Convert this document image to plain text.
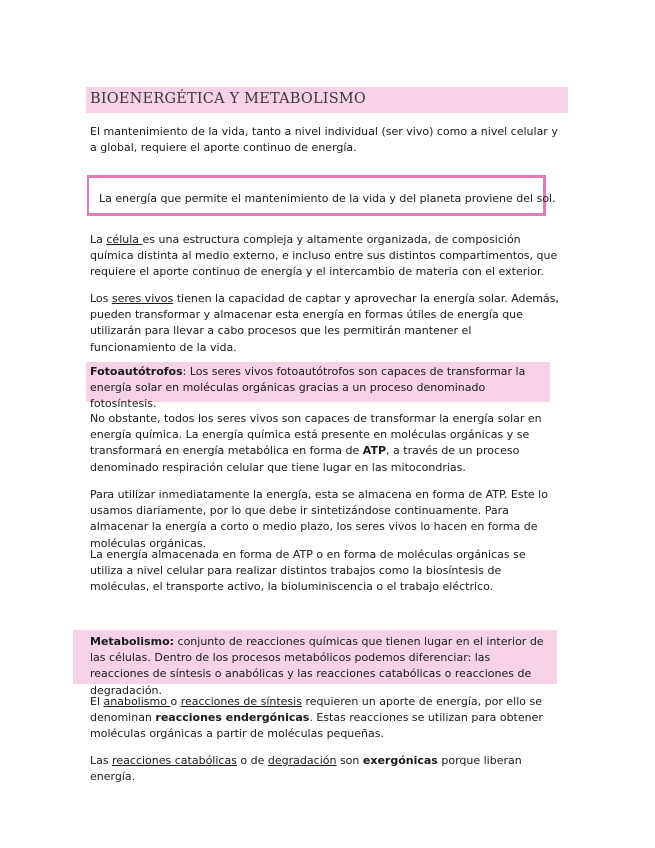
BIOENERGÉTICA Y METABOLISMO
El mantenimiento de la vida, tanto a nivel individual (ser vivo) como a nivel celular y a global, requiere el aporte continuo de energía.
La energía que permite el mantenimiento de la vida y del planeta proviene del sol.
La célula es una estructura compleja y altamente organizada, de composición química distinta al medio externo, e incluso entre sus distintos compartimentos, que requiere el aporte continuo de energía y el intercambio de materia con el exterior.
Los seres vivos tienen la capacidad de captar y aprovechar la energía solar. Además, pueden transformar y almacenar esta energía en formas útiles de energía que utilizarán para llevar a cabo procesos que les permitirán mantener el funcionamiento de la vida.
Fotoautótrofos: Los seres vivos fotoautótrofos son capaces de transformar la energía solar en moléculas orgánicas gracias a un proceso denominado fotosíntesis.
No obstante, todos los seres vivos son capaces de transformar la energía solar en energía química. La energía química está presente en moléculas orgánicas y se transformará en energía metabólica en forma de ATP, a través de un proceso denominado respiración celular que tiene lugar en las mitocondrias.
Para utilizar inmediatamente la energía, esta se almacena en forma de ATP. Este lo usamos diariamente, por lo que debe ir sintetizándose continuamente. Para almacenar la energía a corto o medio plazo, los seres vivos lo hacen en forma de moléculas orgánicas.
La energía almacenada en forma de ATP o en forma de moléculas orgánicas se utiliza a nivel celular para realizar distintos trabajos como la biosíntesis de moléculas, el transporte activo, la bioluminiscencia o el trabajo eléctrico.
Metabolismo: conjunto de reacciones químicas que tienen lugar en el interior de las células. Dentro de los procesos metabólicos podemos diferenciar: las reacciones de síntesis o anabólicas y las reacciones catabólicas o reacciones de degradación.
El anabolismo o reacciones de síntesis requieren un aporte de energía, por ello se denominan reacciones endergónicas. Estas reacciones se utilizan para obtener moléculas orgánicas a partir de moléculas pequeñas.
Las reacciones catabólicas o de degradación son exergónicas porque liberan energía.
